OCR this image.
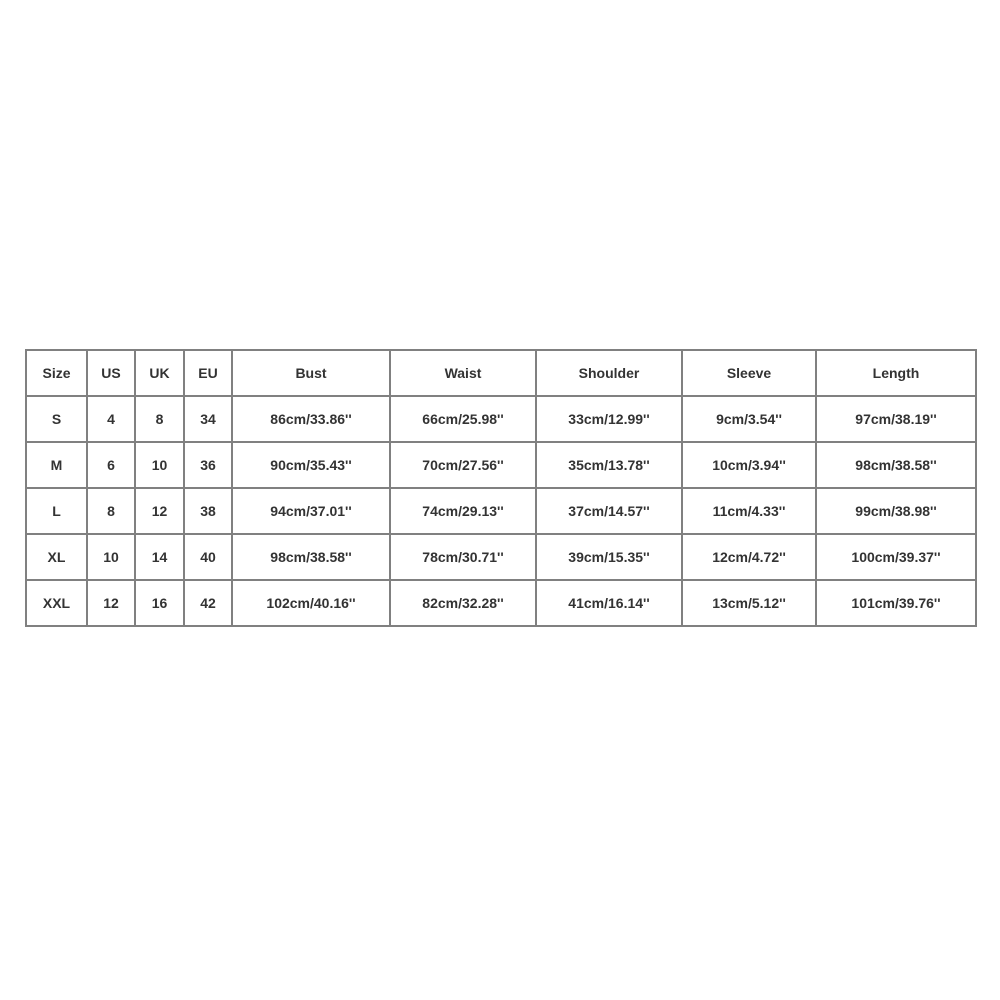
Size	US	UK	EU	Bust	Waist	Shoulder	Sleeve	Length
S	4	8	34	86cm/33.86''	66cm/25.98''	33cm/12.99''	9cm/3.54''	97cm/38.19''
M	6	10	36	90cm/35.43''	70cm/27.56''	35cm/13.78''	10cm/3.94''	98cm/38.58''
L	8	12	38	94cm/37.01''	74cm/29.13''	37cm/14.57''	11cm/4.33''	99cm/38.98''
XL	10	14	40	98cm/38.58''	78cm/30.71''	39cm/15.35''	12cm/4.72''	100cm/39.37''
XXL	12	16	42	102cm/40.16''	82cm/32.28''	41cm/16.14''	13cm/5.12''	101cm/39.76''
